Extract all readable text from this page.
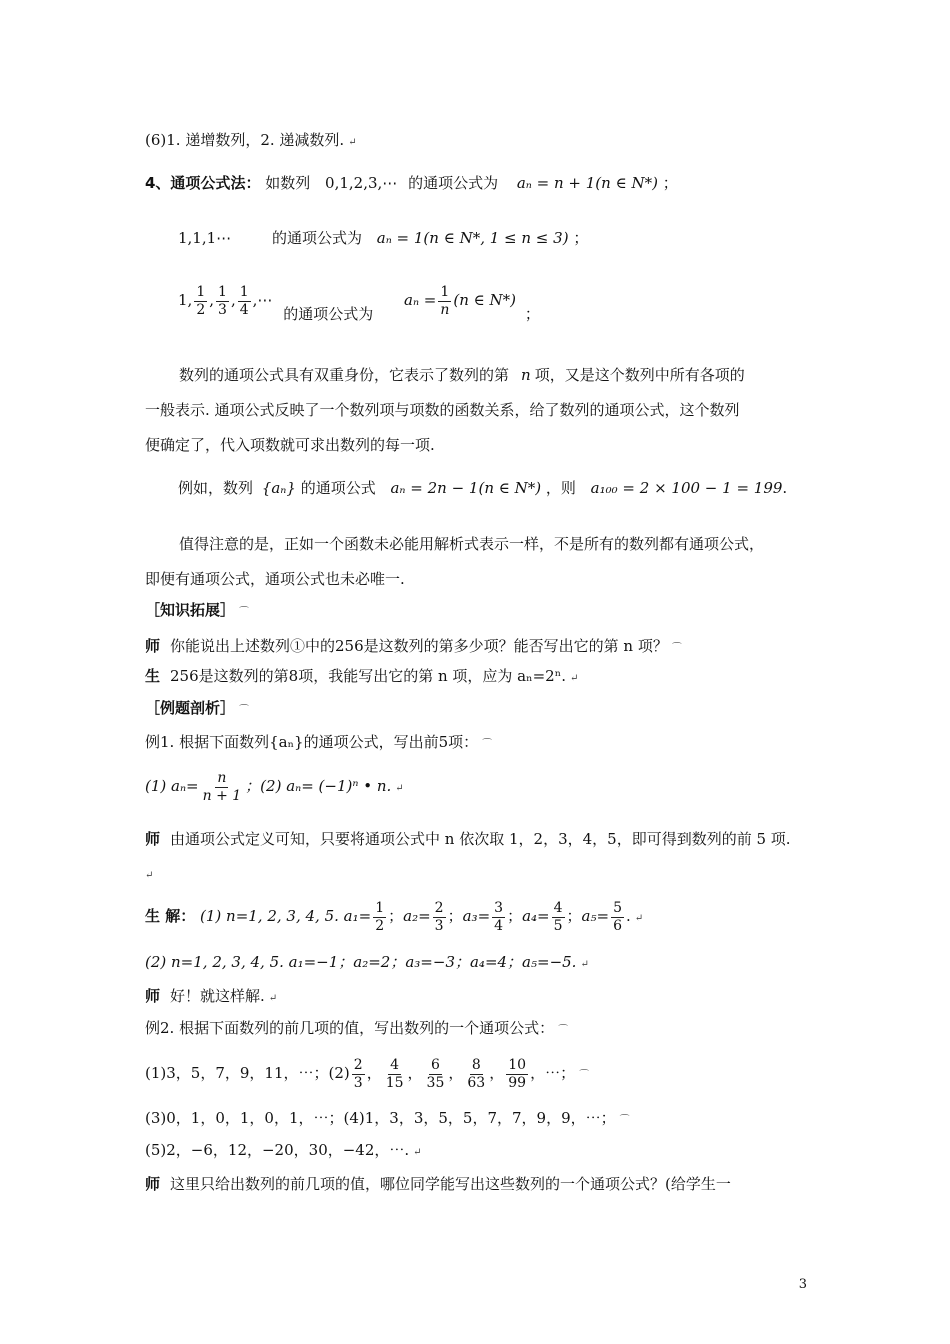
(6)1. 递增数列，2. 递减数列. ↵
4、通项公式法： 如数列 0,1,2,3,⋯ 的通项公式为 aₙ = n + 1(n ∈ N*) ；
1,1,1⋯	的通项公式为 aₙ = 1(n ∈ N*, 1 ≤ n ≤ 3) ；
1, $\frac{1}{2}$ , $\frac{1}{3}$ , $\frac{1}{4}$ ,⋯ 的通项公式为 $a_n = \frac{1}{n} (n$ ∈ N*) ；
数列的通项公式具有双重身份，它表示了数列的第 n 项，又是这个数列中所有各项的
一般表示. 通项公式反映了一个数列项与项数的函数关系，给了数列的通项公式，这个数列
便确定了，代入项数就可求出数列的每一项.
例如，数列 {aₙ} 的通项公式 aₙ = 2n − 1(n ∈ N*) ，则 a₁₀₀ = 2 × 100 − 1 = 199.
值得注意的是，正如一个函数未必能用解析式表示一样，不是所有的数列都有通项公式，
即便有通项公式，通项公式也未必唯一.
［知识拓展］ ⌒
师 你能说出上述数列①中的256是这数列的第多少项？能否写出它的第 n 项？ ⌒
生 256是这数列的第8项，我能写出它的第 n 项，应为 aₙ=2ⁿ. ↵
［例题剖析］ ⌒
例1. 根据下面数列{aₙ}的通项公式，写出前5项： ⌒
(1) $a_n= \frac{n}{n + 1}$ ；(2) aₙ= (−1)ⁿ • n. ↵
师 由通项公式定义可知，只要将通项公式中 n 依次取 1，2，3，4，5，即可得到数列的前 5 项.
↵
生 解： (1) n=1, 2, 3, 4, 5. $a_1= \frac{1}{2}$ ；$a_2= \frac{2}{3}$ ；$a_3= \frac{3}{4}$ ；$a_4= \frac{4}{5}$ ；$a_5= \frac{5}{6}$ . ↵
(2) n=1, 2, 3, 4, 5. a₁=−1；a₂=2；a₃=−3；a₄=4；a₅=−5. ↵
师 好！就这样解. ↵
例2. 根据下面数列的前几项的值，写出数列的一个通项公式： ⌒
(1)3，5，7，9，11，⋯；$(2) \frac{2}{3}$ ， $\frac{4}{15}$ ， $\frac{6}{35}$ ， $\frac{8}{63}$ ， $\frac{10}{99}$ ，⋯； ⌒
(3)0，1，0，1，0，1，⋯；(4)1，3，3，5，5，7，7，9，9，⋯； ⌒
(5)2，−6，12，−20，30，−42，⋯. ↵
师 这里只给出数列的前几项的值，哪位同学能写出这些数列的一个通项公式？(给学生一
3
